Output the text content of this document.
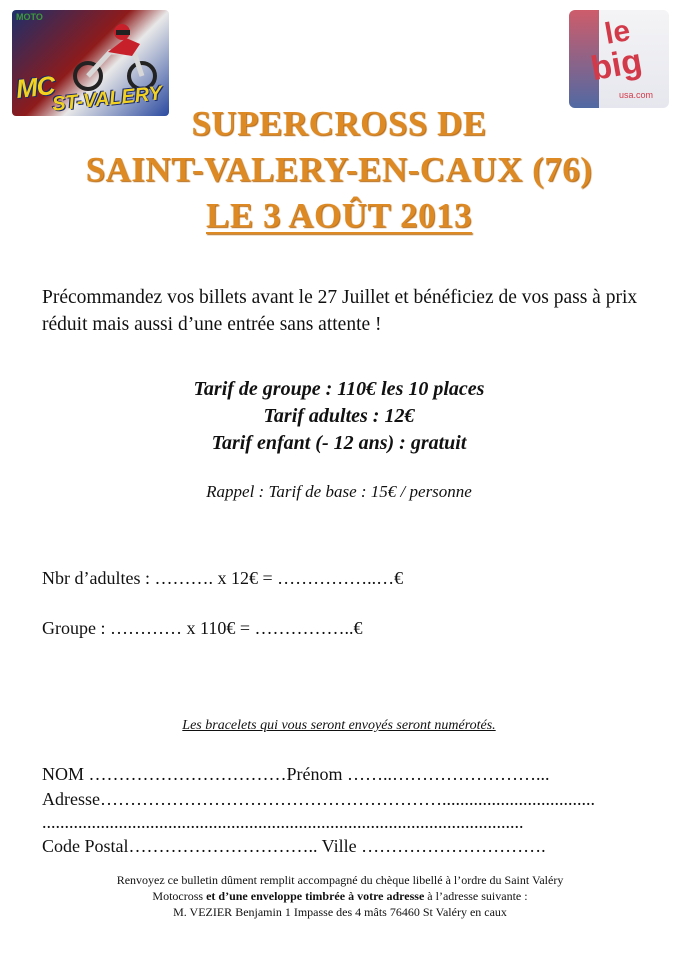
MOTO
MC
ST-VALERY
le
big
usa.com
SUPERCROSS DE
SAINT-VALERY-EN-CAUX (76)
LE 3 AOÛT 2013

Précommandez vos billets avant le 27 Juillet et bénéficiez de vos pass à prix réduit mais aussi d’une entrée sans attente !

Tarif de groupe : 110€ les 10 places
Tarif adultes : 12€
Tarif enfant (- 12 ans) : gratuit
Rappel : Tarif de base : 15€ / personne
Nbr d’adultes : ………. x 12€ = ……………..…€
Groupe : ………… x 110€ = ……………..€
Les bracelets qui vous seront envoyés seront numérotés.
NOM ……………………………Prénom ……..……………………...
Adresse…………………………………………………..................................
...........................................................................................................
Code Postal………………………….. Ville ………………………….
Renvoyez ce bulletin dûment remplit accompagné du chèque libellé à l’ordre du Saint Valéry
Motocross et d’une enveloppe timbrée à votre adresse à l’adresse suivante :
M. VEZIER Benjamin 1 Impasse des 4 mâts 76460 St Valéry en caux
